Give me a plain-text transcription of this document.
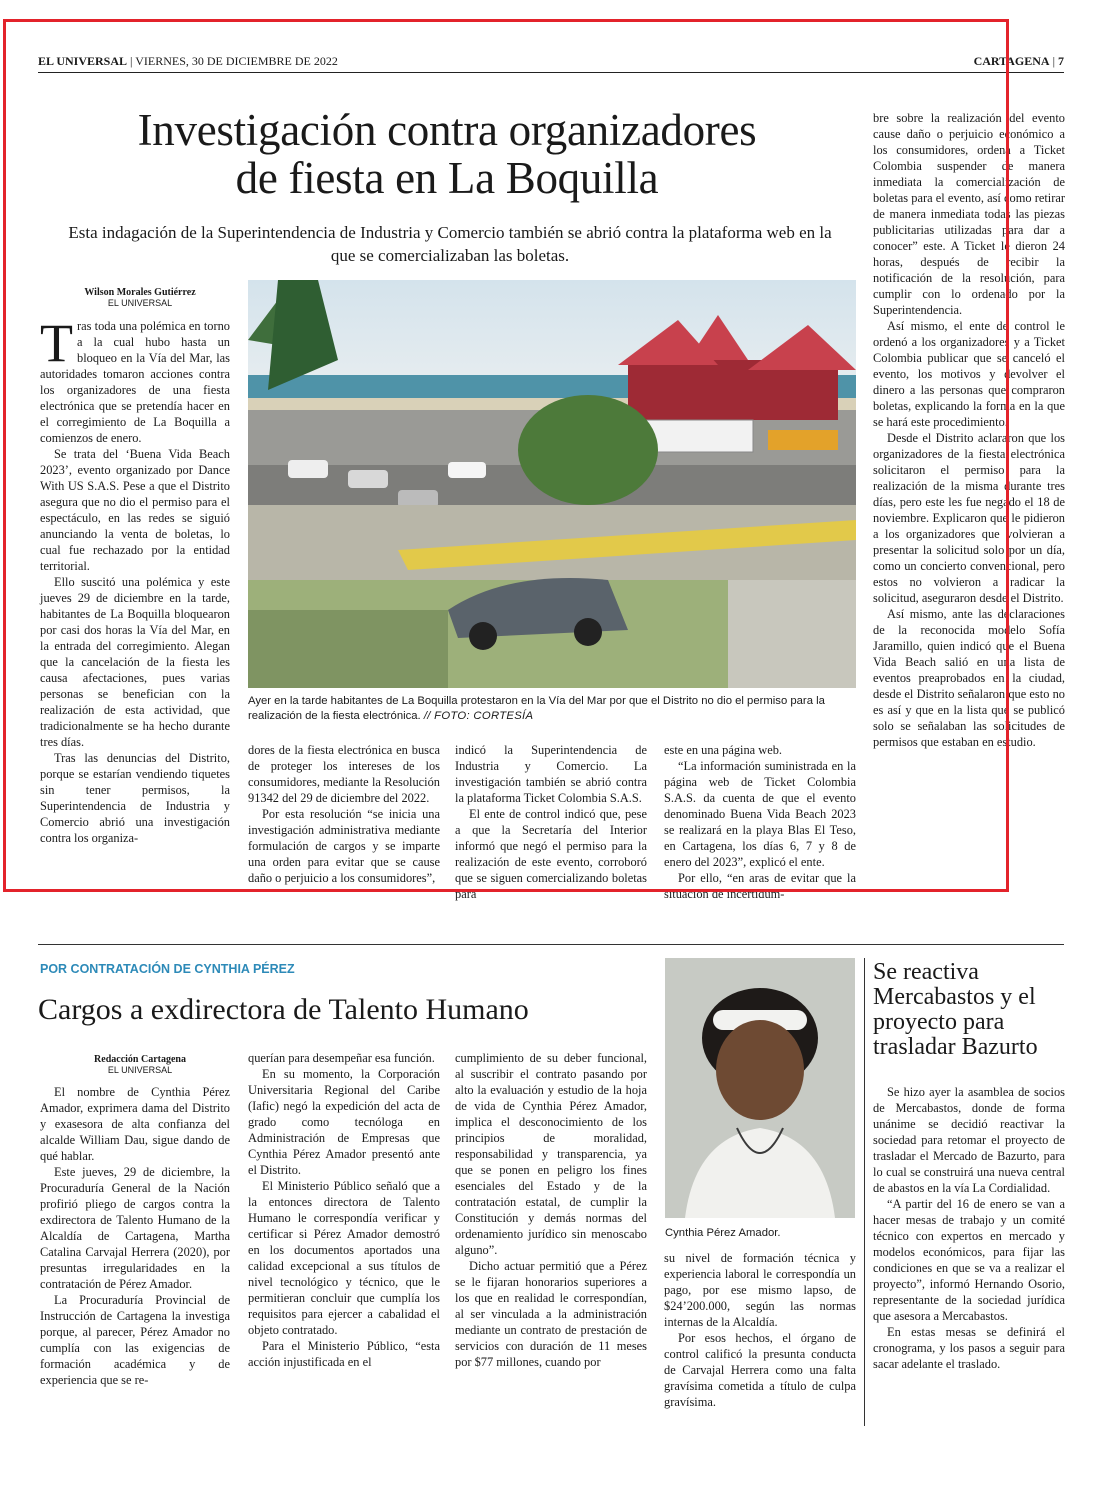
EL UNIVERSAL | VIERNES, 30 DE DICIEMBRE DE 2022	CARTAGENA | 7
Investigación contra organizadores
de fiesta en La Boquilla
Esta indagación de la Superintendencia de Industria y Comercio también se abrió contra la plataforma web en la que se comercializaban las boletas.
Wilson Morales Gutiérrez
EL UNIVERSAL

Tras toda una polémica en torno a la cual hubo hasta un bloqueo en la Vía del Mar, las autoridades tomaron acciones contra los organizadores de una fiesta electrónica que se pretendía hacer en el corregimiento de La Boquilla a comienzos de enero.

Se trata del ‘Buena Vida Beach 2023’, evento organizado por Dance With US S.A.S. Pese a que el Distrito asegura que no dio el permiso para el espectáculo, en las redes se siguió anunciando la venta de boletas, lo cual fue rechazado por la entidad territorial.

Ello suscitó una polémica y este jueves 29 de diciembre en la tarde, habitantes de La Boquilla bloquearon por casi dos horas la Vía del Mar, en la entrada del corregimiento. Alegan que la cancelación de la fiesta les causa afectaciones, pues varias personas se benefician con la realización de esta actividad, que tradicionalmente se ha hecho durante tres días.

Tras las denuncias del Distrito, porque se estarían vendiendo tiquetes sin tener permisos, la Superintendencia de Industria y Comercio abrió una investigación contra los organiza-

Ayer en la tarde habitantes de La Boquilla protestaron en la Vía del Mar por que el Distrito no dio el permiso para la realización de la fiesta electrónica. // FOTO: CORTESÍA

dores de la fiesta electrónica en busca de proteger los intereses de los consumidores, mediante la Resolución 91342 del 29 de diciembre del 2022.

Por esta resolución “se inicia una investigación administrativa mediante formulación de cargos y se imparte una orden para evitar que se cause daño o perjuicio a los consumidores”,

indicó la Superintendencia de Industria y Comercio. La investigación también se abrió contra la plataforma Ticket Colombia S.A.S.

El ente de control indicó que, pese a que la Secretaría del Interior informó que negó el permiso para la realización de este evento, corroboró que se siguen comercializando boletas para

este en una página web.

“La información suministrada en la página web de Ticket Colombia S.A.S. da cuenta de que el evento denominado Buena Vida Beach 2023 se realizará en la playa Blas El Teso, en Cartagena, los días 6, 7 y 8 de enero del 2023”, explicó el ente.

Por ello, “en aras de evitar que la situación de incertidum-

bre sobre la realización del evento cause daño o perjuicio económico a los consumidores, ordena a Ticket Colombia suspender de manera inmediata la comercialización de boletas para el evento, así como retirar de manera inmediata todas las piezas publicitarias utilizadas para dar a conocer” este. A Ticket le dieron 24 horas, después de recibir la notificación de la resolución, para cumplir con lo ordenado por la Superintendencia.

Así mismo, el ente de control le ordenó a los organizadores y a Ticket Colombia publicar que se canceló el evento, los motivos y devolver el dinero a las personas que compraron boletas, explicando la forma en la que se hará este procedimiento.

Desde el Distrito aclararon que los organizadores de la fiesta electrónica solicitaron el permiso para la realización de la misma durante tres días, pero este les fue negado el 18 de noviembre. Explicaron que le pidieron a los organizadores que volvieran a presentar la solicitud solo por un día, como un concierto convencional, pero estos no volvieron a radicar la solicitud, aseguraron desde el Distrito.

Así mismo, ante las declaraciones de la reconocida modelo Sofía Jaramillo, quien indicó que el Buena Vida Beach salió en una lista de eventos preaprobados en la ciudad, desde el Distrito señalaron que esto no es así y que en la lista que se publicó solo se señalaban las solicitudes de permisos que estaban en estudio.

POR CONTRATACIÓN DE CYNTHIA PÉREZ
Cargos a exdirectora de Talento Humano
Redacción Cartagena
EL UNIVERSAL

El nombre de Cynthia Pérez Amador, exprimera dama del Distrito y exasesora de alta confianza del alcalde William Dau, sigue dando de qué hablar.

Este jueves, 29 de diciembre, la Procuraduría General de la Nación profirió pliego de cargos contra la exdirectora de Talento Humano de la Alcaldía de Cartagena, Martha Catalina Carvajal Herrera (2020), por presuntas irregularidades en la contratación de Pérez Amador.

La Procuraduría Provincial de Instrucción de Cartagena la investiga porque, al parecer, Pérez Amador no cumplía con las exigencias de formación académica y de experiencia que se re-

querían para desempeñar esa función.

En su momento, la Corporación Universitaria Regional del Caribe (Iafic) negó la expedición del acta de grado como tecnóloga en Administración de Empresas que Cynthia Pérez Amador presentó ante el Distrito.

El Ministerio Público señaló que a la entonces directora de Talento Humano le correspondía verificar y certificar si Pérez Amador demostró en los documentos aportados una calidad excepcional a sus títulos de nivel tecnológico y técnico, que le permitieran concluir que cumplía los requisitos para ejercer a cabalidad el objeto contratado.

Para el Ministerio Público, “esta acción injustificada en el

cumplimiento de su deber funcional, al suscribir el contrato pasando por alto la evaluación y estudio de la hoja de vida de Cynthia Pérez Amador, implica el desconocimiento de los principios de moralidad, responsabilidad y transparencia, ya que se ponen en peligro los fines esenciales del Estado y de la contratación estatal, de cumplir la Constitución y demás normas del ordenamiento jurídico sin menoscabo alguno”.

Dicho actuar permitió que a Pérez se le fijaran honorarios superiores a los que en realidad le correspondían, al ser vinculada a la administración mediante un contrato de prestación de servicios con duración de 11 meses por $77 millones, cuando por

Cynthia Pérez Amador.

su nivel de formación técnica y experiencia laboral le correspondía un pago, por ese mismo lapso, de $24’200.000, según las normas internas de la Alcaldía.

Por esos hechos, el órgano de control calificó la presunta conducta de Carvajal Herrera como una falta gravísima cometida a título de culpa gravísima.

Se reactiva Mercabastos y el proyecto para trasladar Bazurto

Se hizo ayer la asamblea de socios de Mercabastos, donde de forma unánime se decidió reactivar la sociedad para retomar el proyecto de trasladar el Mercado de Bazurto, para lo cual se construirá una nueva central de abastos en la vía La Cordialidad.

“A partir del 16 de enero se van a hacer mesas de trabajo y un comité técnico con expertos en mercado y modelos económicos, para fijar las condiciones en que se va a realizar el proyecto”, informó Hernando Osorio, representante de la sociedad jurídica que asesora a Mercabastos.

En estas mesas se definirá el cronograma, y los pasos a seguir para sacar adelante el traslado.
